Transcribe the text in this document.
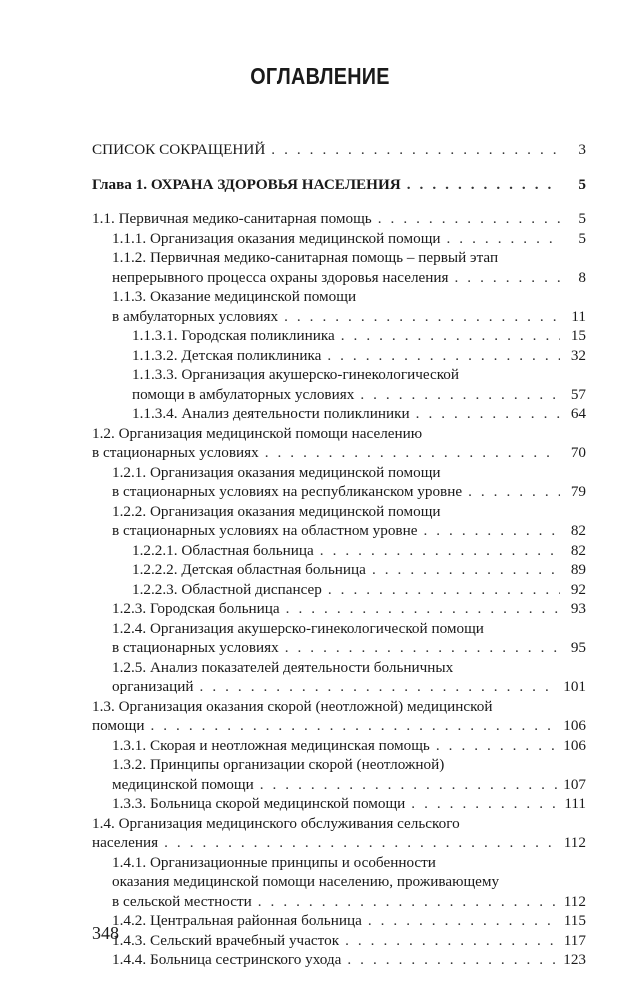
ОГЛАВЛЕНИЕ
СПИСОК СОКРАЩЕНИЙ . . .	3
Глава 1. ОХРАНА ЗДОРОВЬЯ НАСЕЛЕНИЯ . . .	5
1.1. Первичная медико-санитарная помощь . . .	5
1.1.1. Организация оказания медицинской помощи . . .	5
1.1.2. Первичная медико-санитарная помощь – первый этап
непрерывного процесса охраны здоровья населения . . .	8
1.1.3. Оказание медицинской помощи
в амбулаторных условиях . . .	11
1.1.3.1. Городская поликлиника . . .	15
1.1.3.2. Детская поликлиника . . .	32
1.1.3.3. Организация акушерско-гинекологической
помощи в амбулаторных условиях . . .	57
1.1.3.4. Анализ деятельности поликлиники . . .	64
1.2. Организация медицинской помощи населению
в стационарных условиях . . .	70
1.2.1. Организация оказания медицинской помощи
в стационарных условиях на республиканском уровне . . .	79
1.2.2. Организация оказания медицинской помощи
в стационарных условиях на областном уровне . . .	82
1.2.2.1. Областная больница . . .	82
1.2.2.2. Детская областная больница . . .	89
1.2.2.3. Областной диспансер . . .	92
1.2.3. Городская больница . . .	93
1.2.4. Организация акушерско-гинекологической помощи
в стационарных условиях . . .	95
1.2.5. Анализ показателей деятельности больничных
организаций . . .	101
1.3. Организация оказания скорой (неотложной) медицинской
помощи . . .	106
1.3.1. Скорая и неотложная медицинская помощь . . .	106
1.3.2. Принципы организации скорой (неотложной)
медицинской помощи . . .	107
1.3.3. Больница скорой медицинской помощи . . .	111
1.4. Организация медицинского обслуживания сельского
населения . . .	112
1.4.1. Организационные принципы и особенности
оказания медицинской помощи населению, проживающему
в сельской местности . . .	112
1.4.2. Центральная районная больница . . .	115
1.4.3. Сельский врачебный участок . . .	117
1.4.4. Больница сестринского ухода . . .	123
348
